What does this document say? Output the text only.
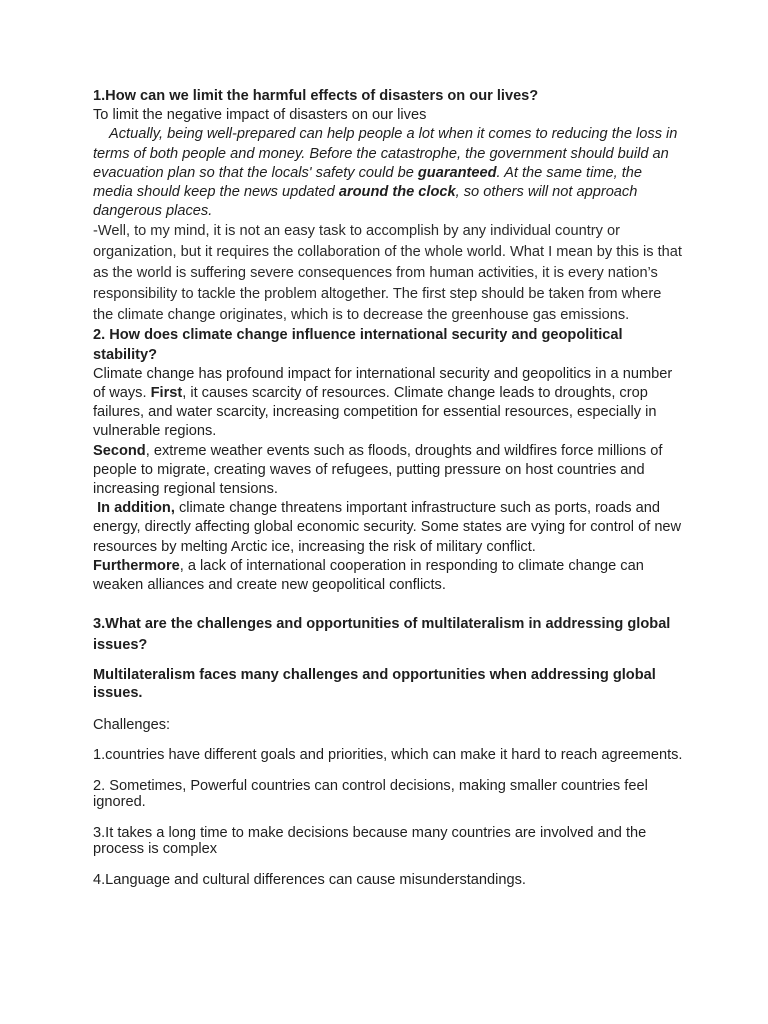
1.How can we limit the harmful effects of disasters on our lives?

To limit the negative impact of disasters on our lives

Actually, being well-prepared can help people a lot when it comes to reducing the loss in terms of both people and money. Before the catastrophe, the government should build an evacuation plan so that the locals' safety could be guaranteed. At the same time, the media should keep the news updated around the clock, so others will not approach dangerous places.

-Well, to my mind, it is not an easy task to accomplish by any individual country or organization, but it requires the collaboration of the whole world. What I mean by this is that as the world is suffering severe consequences from human activities, it is every nation’s responsibility to tackle the problem altogether. The first step should be taken from where the climate change originates, which is to decrease the greenhouse gas emissions.

2. How does climate change influence international security and geopolitical stability?

Climate change has profound impact for international security and geopolitics in a number of ways. First, it causes scarcity of resources. Climate change leads to droughts, crop failures, and water scarcity, increasing competition for essential resources, especially in vulnerable regions.

Second, extreme weather events such as floods, droughts and wildfires force millions of people to migrate, creating waves of refugees, putting pressure on host countries and increasing regional tensions.

In addition, climate change threatens important infrastructure such as ports, roads and energy, directly affecting global economic security. Some states are vying for control of new resources by melting Arctic ice, increasing the risk of military conflict.

Furthermore, a lack of international cooperation in responding to climate change can weaken alliances and create new geopolitical conflicts.

3.What are the challenges and opportunities of multilateralism in addressing global issues?

Multilateralism faces many challenges and opportunities when addressing global issues.

Challenges:

1.countries have different goals and priorities, which can make it hard to reach agreements.

2. Sometimes, Powerful countries can control decisions, making smaller countries feel ignored.

3.It takes a long time to make decisions because many countries are involved and the process is complex

4.Language and cultural differences can cause misunderstandings.
